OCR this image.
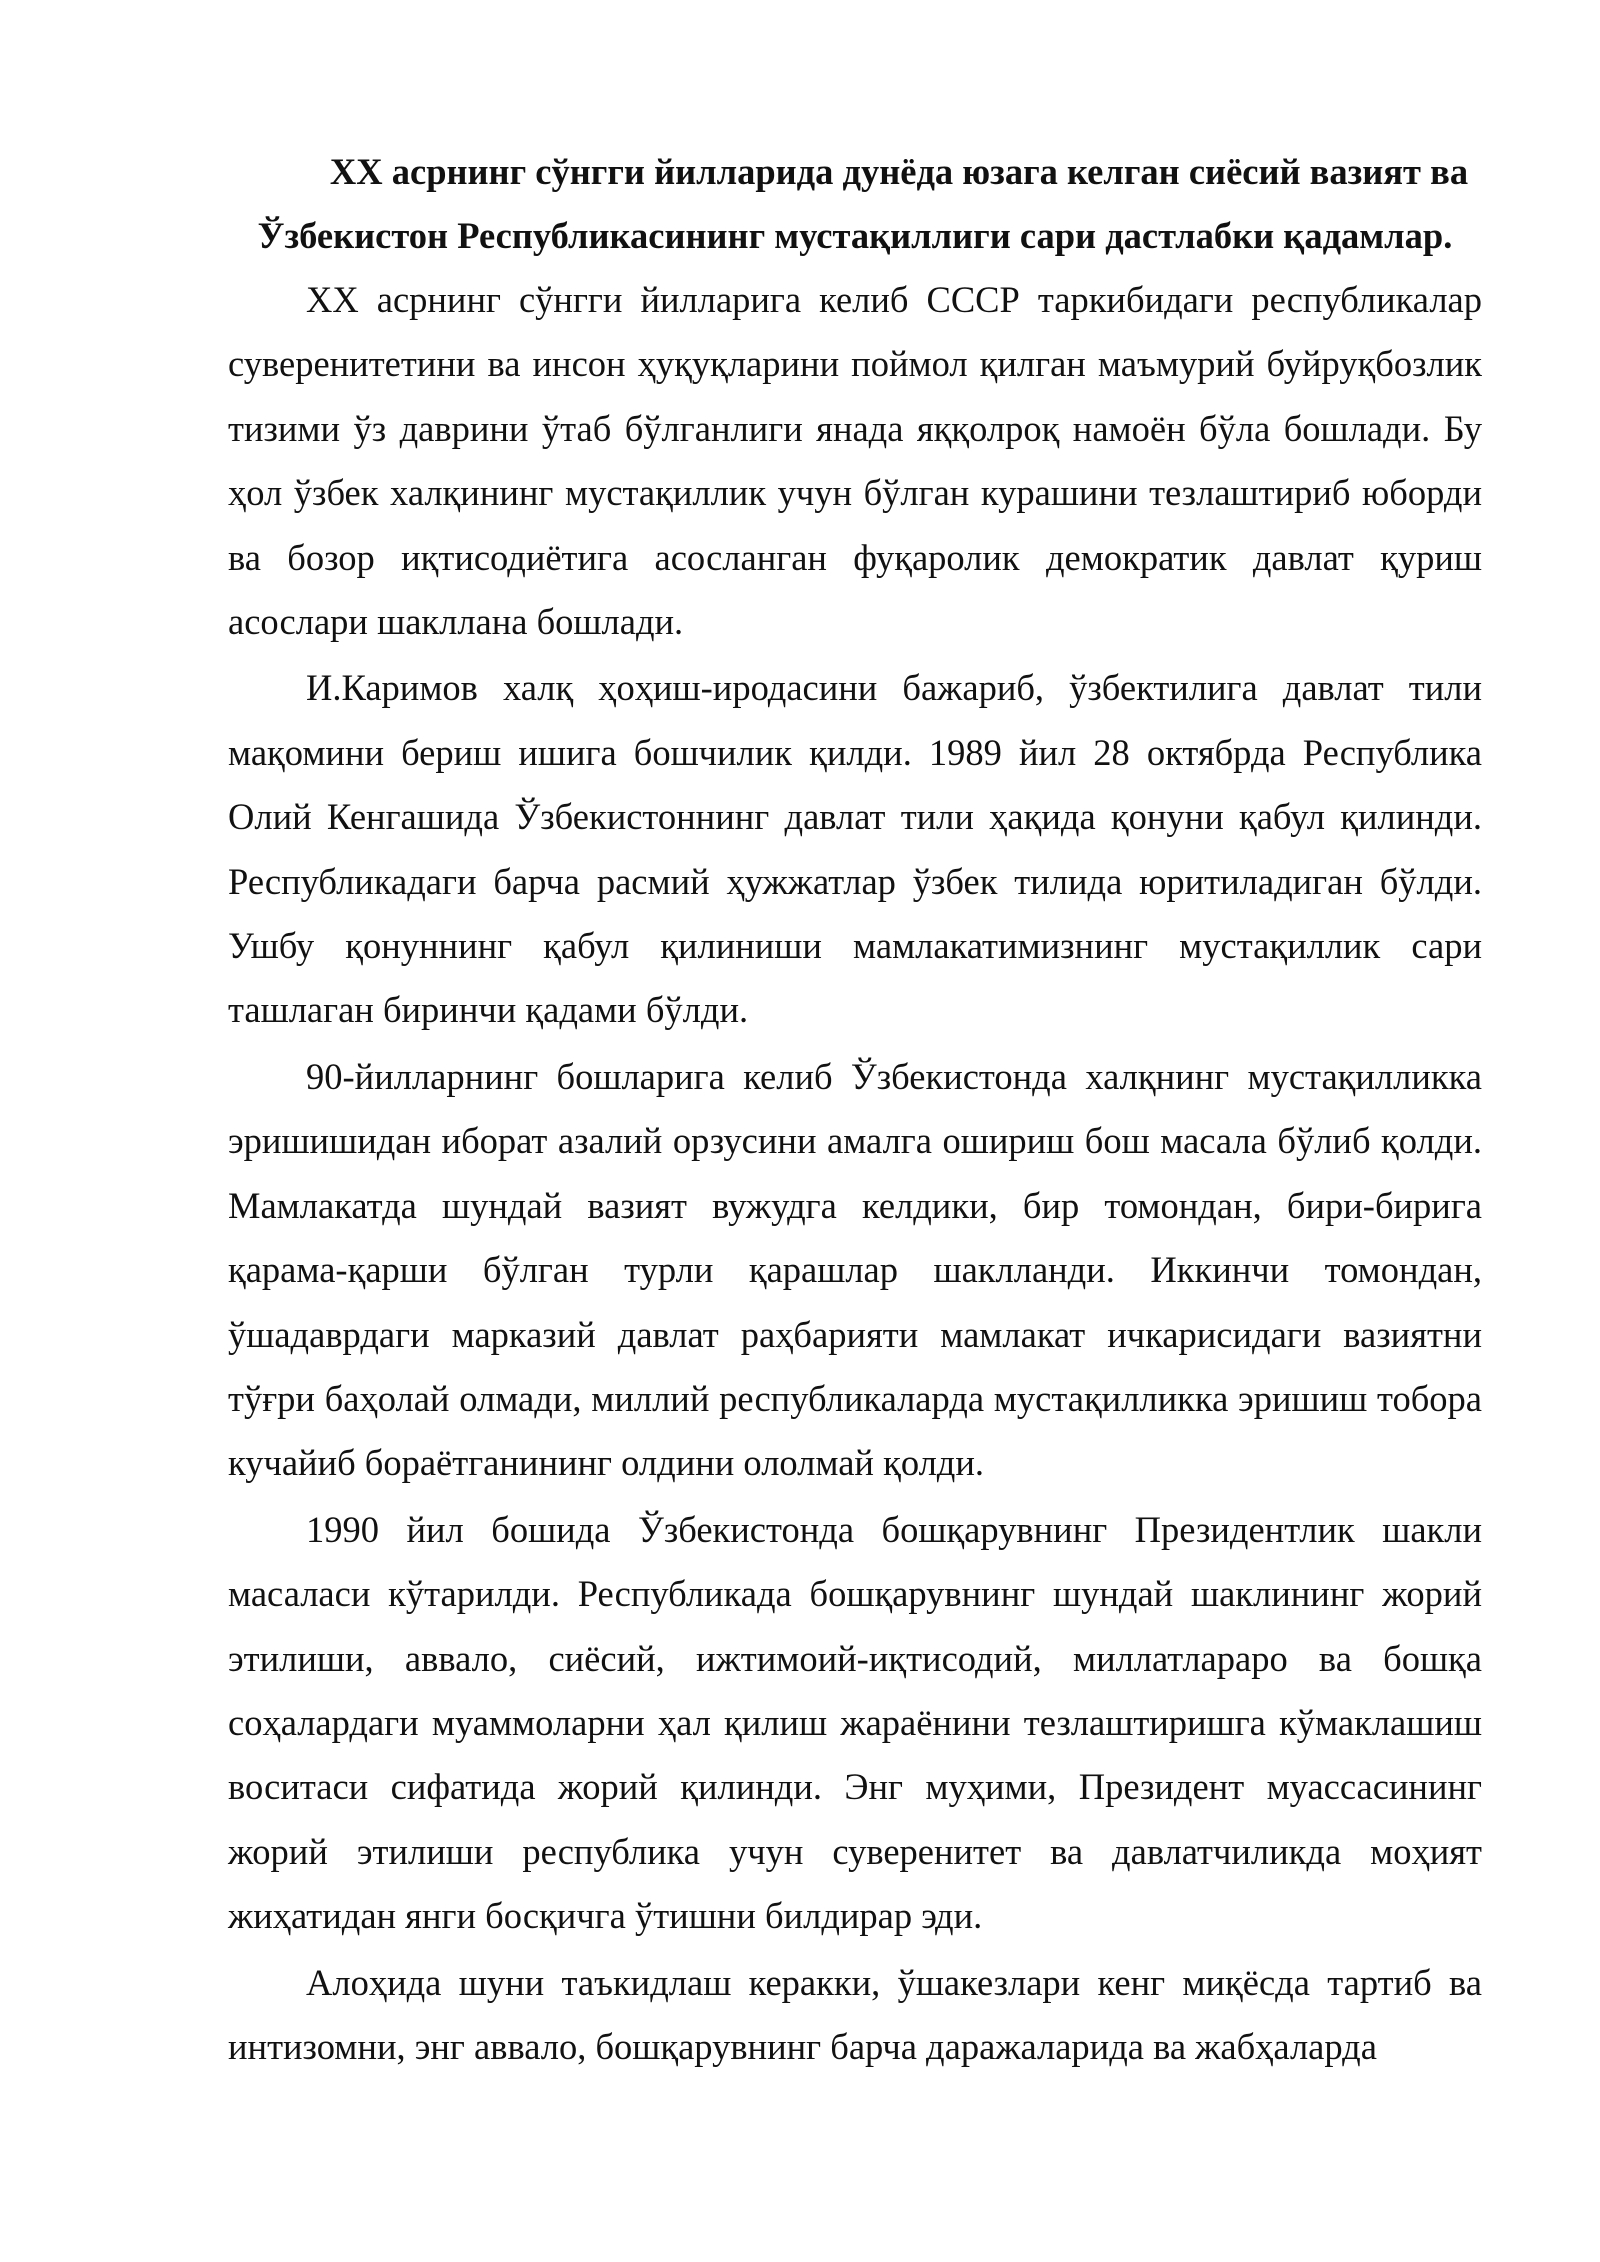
XX асрнинг сўнгги йилларида дунёда юзага келган сиёсий вазият ва
Ўзбекистон Республикасининг мустақиллиги сари дастлабки қадамлар.

XX асрнинг сўнгги йилларига келиб СССР таркибидаги республикалар суверенитетини ва инсон ҳуқуқларини поймол қилган маъмурий буйруқбозлик тизими ўз даврини ўтаб бўлганлиги янада яққолроқ намоён бўла бошлади. Бу ҳол ўзбек халқининг мустақиллик учун бўлган курашини тезлаштириб юборди ва бозор иқтисодиётига асосланган фуқаролик демократик давлат қуриш асослари шакллана бошлади.

И.Каримов халқ ҳоҳиш-иродасини бажариб, ўзбектилига давлат тили мақомини бериш ишига бошчилик қилди. 1989 йил 28 октябрда Республика Олий Кенгашида Ўзбекистоннинг давлат тили ҳақида қонуни қабул қилинди. Республикадаги барча расмий ҳужжатлар ўзбек тилида юритиладиган бўлди. Ушбу қонуннинг қабул қилиниши мамлакатимизнинг мустақиллик сари ташлаган биринчи қадами бўлди.

90-йилларнинг бошларига келиб Ўзбекистонда халқнинг мустақилликка эришишидан иборат азалий орзусини амалга ошириш бош масала бўлиб қолди. Мамлакатда шундай вазият вужудга келдики, бир томондан, бири-бирига қарама-қарши бўлган турли қарашлар шаклланди. Иккинчи томондан, ўшадаврдаги марказий давлат раҳбарияти мамлакат ичкарисидаги вазиятни тўғри баҳолай олмади, миллий республикаларда мустақилликка эришиш тобора кучайиб бораётганининг олдини ололмай қолди.

1990 йил бошида Ўзбекистонда бошқарувнинг Президентлик шакли масаласи кўтарилди. Республикада бошқарувнинг шундай шаклининг жорий этилиши, аввало, сиёсий, ижтимоий-иқтисодий, миллатлараро ва бошқа соҳалардаги муаммоларни ҳал қилиш жараёнини тезлаштиришга кўмаклашиш воситаси сифатида жорий қилинди. Энг муҳими, Президент муассасининг жорий этилиши республика учун суверенитет ва давлатчиликда моҳият жиҳатидан янги босқичга ўтишни билдирар эди.

Алоҳида шуни таъкидлаш керакки, ўшакезлари кенг миқёсда тартиб ва интизомни, энг аввало, бошқарувнинг барча даражаларида ва жабҳаларда
